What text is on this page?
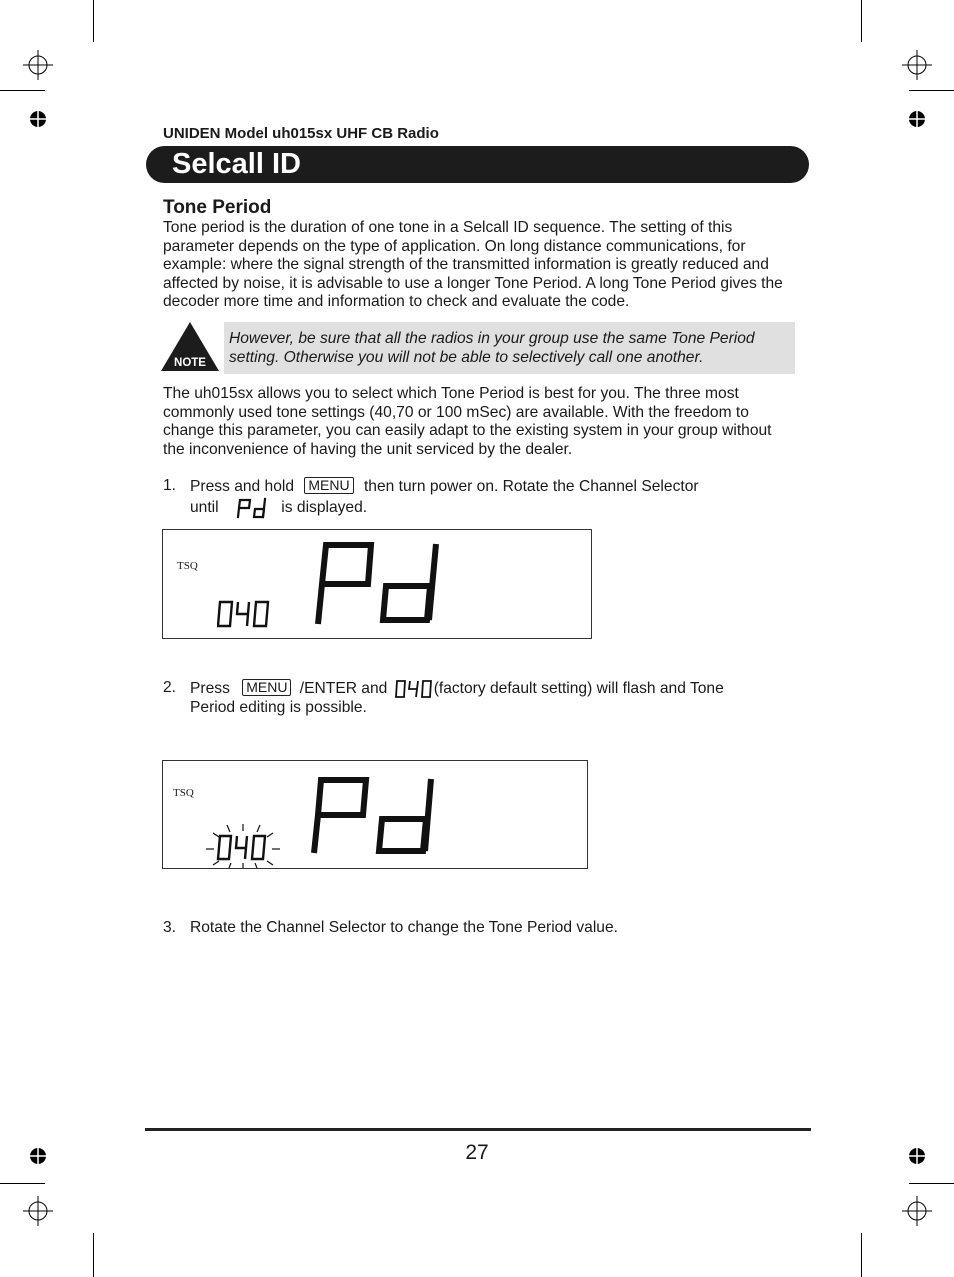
UNIDEN Model uh015sx UHF CB Radio
Selcall ID
Tone Period
Tone period is the duration of one tone in a Selcall ID sequence. The setting of this parameter depends on the type of application. On long distance communications, for example: where the signal strength of the transmitted information is greatly reduced and affected by noise, it is advisable to use a longer Tone Period. A long Tone Period gives the decoder more time and information to check and evaluate the code.
NOTE
However, be sure that all the radios in your group use the same Tone Period setting. Otherwise you will not be able to selectively call one another.
The uh015sx allows you to select which Tone Period is best for you. The three most commonly used tone settings (40,70 or 100 mSec) are available. With the freedom to change this parameter, you can easily adapt to the existing system in your group without the inconvenience of having the unit serviced by the dealer.
1. Press and hold MENU then turn power on. Rotate the Channel Selector
until	is displayed.
TSQ
2. Press MENU /ENTER and	(factory default setting) will flash and Tone
Period editing is possible.
TSQ
3. Rotate the Channel Selector to change the Tone Period value.
27
